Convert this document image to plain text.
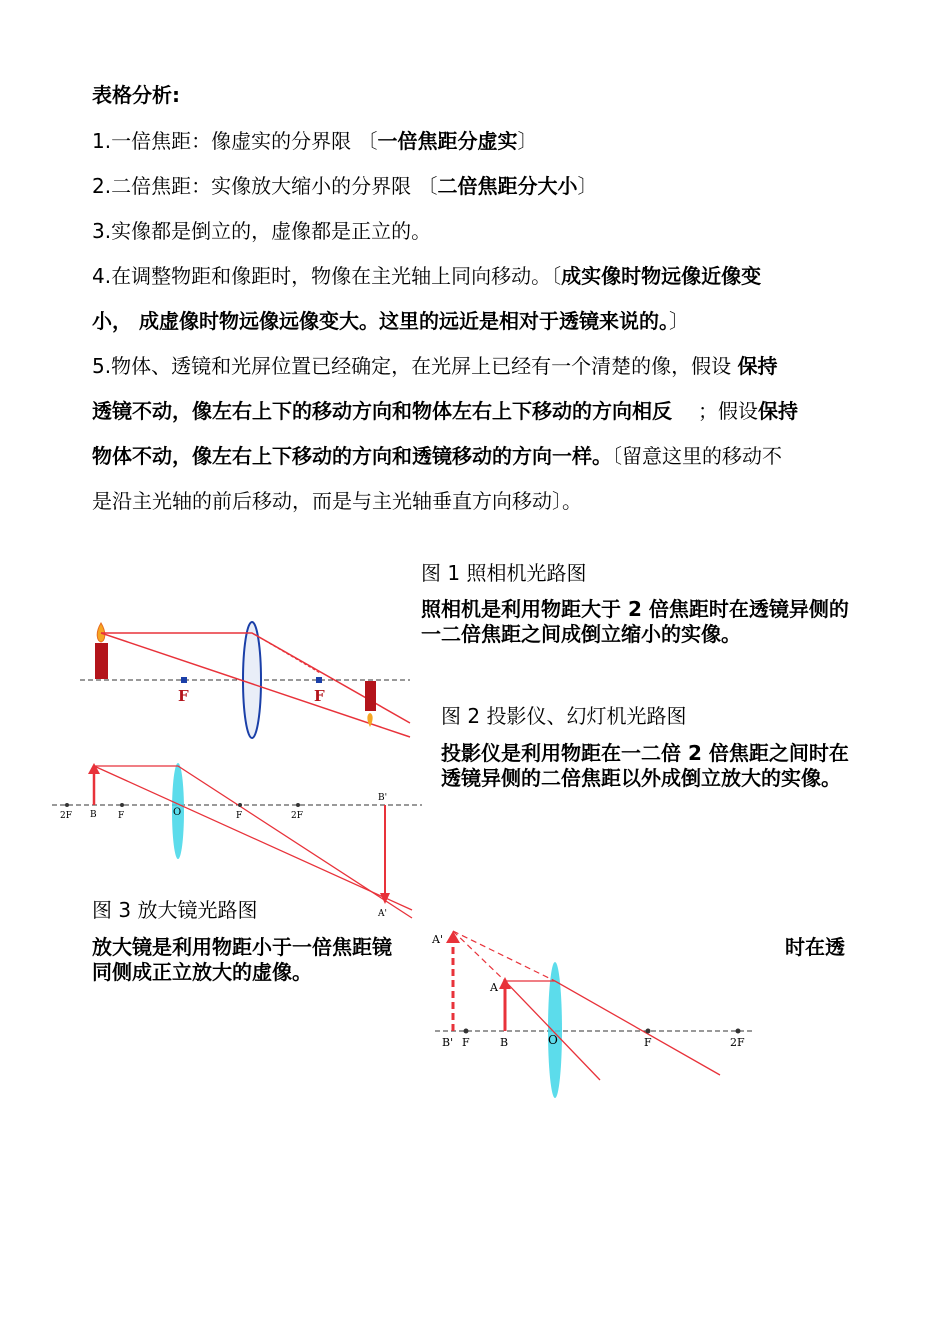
表格分析:
1.一倍焦距：像虚实的分界限 〔一倍焦距分虚实〕
2.二倍焦距：实像放大缩小的分界限 〔二倍焦距分大小〕
3.实像都是倒立的，虚像都是正立的。
4.在调整物距和像距时，物像在主光轴上同向移动。〔成实像时物远像近像变
小， 成虚像时物远像远像变大。这里的远近是相对于透镜来说的。〕
5.物体、透镜和光屏位置已经确定，在光屏上已经有一个清楚的像，假设 保持
透镜不动，像左右上下的移动方向和物体左右上下移动的方向相反 ；假设保持
物体不动，像左右上下移动的方向和透镜移动的方向一样。〔留意这里的移动不
是沿主光轴的前后移动，而是与主光轴垂直方向移动〕。
图 1 照相机光路图
照相机是利用物距大于 2 倍焦距时在透镜异侧的一二倍焦距之间成倒立缩小的实像。
图 2 投影仪、幻灯机光路图
投影仪是利用物距在一二倍 2 倍焦距之间时在透镜异侧的二倍焦距以外成倒立放大的实像。
图 3 放大镜光路图
放大镜是利用物距小于一倍焦距镜同侧成正立放大的虚像。
时在透
F	F
2F B F	O	F	2F
B'
A'
A'
A
B' F	B	O	F	2F
